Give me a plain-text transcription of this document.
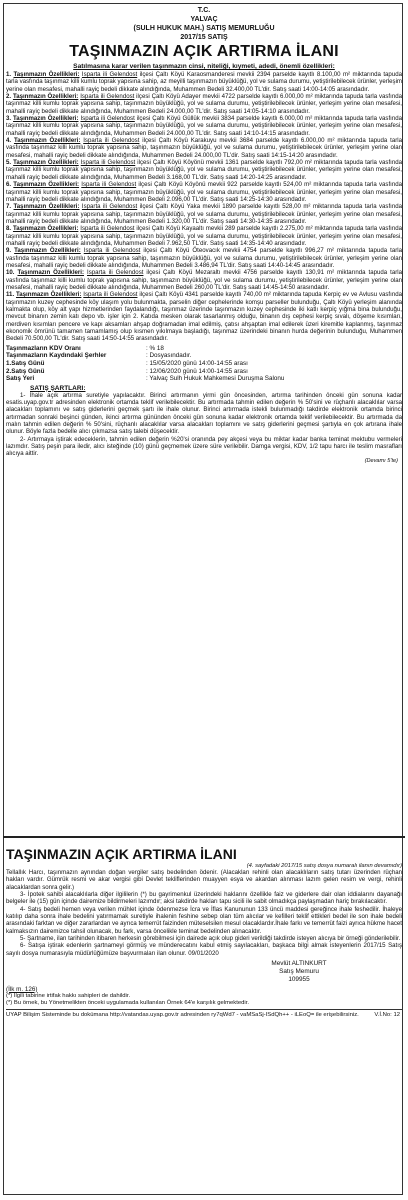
T.C.
YALVAÇ
(SULH HUKUK MAH.) SATIŞ MEMURLUĞU
2017/15 SATIŞ
TAŞINMAZIN AÇIK ARTIRMA İLANI
Satılmasına karar verilen taşınmazın cinsi, niteliği, kıymeti, adedi, önemli özellikleri:

1. Taşınmazın Özellikleri: Isparta ili Gelendost ilçesi Çaltı Köyü Karaosmanderesi mevkii 2394 parselde kayıtlı 8.100,00 m² miktarında tapuda tarla vasfında taşınmaz killi kumlu toprak yapısına sahip, az meyilli taşınmazın büyüklüğü, yol ve sulama durumu, yetiştirilebilecek ürünler, yerleşim yerine olan mesafesi, mahalli rayiç bedeli dikkate alındığında, Muhammen Bedeli 32.400,00 TL'dir. Satış saati 14:00-14:05 arasındadır.

2. Taşınmazın Özellikleri: Isparta ili Gelendost ilçesi Çaltı Köyü Adayer mevkii 4722 parselde kayıtlı 6.000,00 m² miktarında tapuda tarla vasfında taşınmaz killi kumlu toprak yapısına sahip, taşınmazın büyüklüğü, yol ve sulama durumu, yetiştirilebilecek ürünler, yerleşim yerine olan mesafesi, mahalli rayiç bedeli dikkate alındığında, Muhammen Bedeli 24.000,00 TL'dir. Satış saati 14:05-14:10 arasındadır.

3. Taşınmazın Özellikleri: Isparta ili Gelendost ilçesi Çaltı Köyü Güllük mevkii 3834 parselde kayıtlı 6.000,00 m² miktarında tapuda tarla vasfında taşınmaz killi kumlu toprak yapısına sahip, taşınmazın büyüklüğü, yol ve sulama durumu, yetiştirilebilecek ürünler, yerleşim yerine olan mesafesi, mahalli rayiç bedeli dikkate alındığında, Muhammen Bedeli 24.000,00 TL'dir. Satış saati 14:10-14:15 arasındadır.

4. Taşınmazın Özellikleri: Isparta ili Gelendost ilçesi Çaltı Köyü Karakuyu mevkii 3684 parselde kayıtlı 6.000,00 m² miktarında tapuda tarla vasfında taşınmaz killi kumlu toprak yapısına sahip, taşınmazın büyüklüğü, yol ve sulama durumu, yetiştirilebilecek ürünler, yerleşim yerine olan mesafesi, mahalli rayiç bedeli dikkate alındığında, Muhammen Bedeli 24.000,00 TL'dir. Satış saati 14:15-14:20 arasındadır.

5. Taşınmazın Özellikleri: Isparta ili Gelendost ilçesi Çaltı Köyü Köyönü mevkii 1361 parselde kayıtlı 792,00 m² miktarında tapuda tarla vasfında taşınmaz killi kumlu toprak yapısına sahip, taşınmazın büyüklüğü, yol ve sulama durumu, yetiştirilebilecek ürünler, yerleşim yerine olan mesafesi, mahalli rayiç bedeli dikkate alındığında, Muhammen Bedeli 3.168,00 TL'dir. Satış saati 14:20-14:25 arasındadır.

6. Taşınmazın Özellikleri: Isparta ili Gelendost ilçesi Çaltı Köyü Köyönü mevkii 922 parselde kayıtlı 524,00 m² miktarında tapuda tarla vasfında taşınmaz killi kumlu toprak yapısına sahip, taşınmazın büyüklüğü, yol ve sulama durumu, yetiştirilebilecek ürünler, yerleşim yerine olan mesafesi, mahalli rayiç bedeli dikkate alındığında, Muhammen Bedeli 2.096,00 TL'dir. Satış saati 14:25-14:30 arasındadır.

7. Taşınmazın Özellikleri: Isparta ili Gelendost ilçesi Çaltı Köyü Yaka mevkii 1890 parselde kayıtlı 528,00 m² miktarında tapuda tarla vasfında taşınmaz killi kumlu toprak yapısına sahip, taşınmazın büyüklüğü, yol ve sulama durumu, yetiştirilebilecek ürünler, yerleşim yerine olan mesafesi, mahalli rayiç bedeli dikkate alındığında, Muhammen Bedeli 1.320,00 TL'dir. Satış saati 14:30-14:35 arasındadır.

8. Taşınmazın Özellikleri: Isparta ili Gelendost ilçesi Çaltı Köyü Kayaaltı mevkii 289 parselde kayıtlı 2.275,00 m² miktarında tapuda tarla vasfında taşınmaz killi kumlu toprak yapısına sahip, taşınmazın büyüklüğü, yol ve sulama durumu, yetiştirilebilecek ürünler, yerleşim yerine olan mesafesi, mahalli rayiç bedeli dikkate alındığında, Muhammen Bedeli 7.962,50 TL'dir. Satış saati 14:35-14:40 arasındadır.

9. Taşınmazın Özellikleri: Isparta ili Gelendost ilçesi Çaltı Köyü Öteovacık mevkii 4754 parselde kayıtlı 996,27 m² miktarında tapuda tarla vasfında taşınmaz killi kumlu toprak yapısına sahip, taşınmazın büyüklüğü, yol ve sulama durumu, yetiştirilebilecek ürünler, yerleşim yerine olan mesafesi, mahalli rayiç bedeli dikkate alındığında, Muhammen Bedeli 3.486,94 TL'dir. Satış saati 14:40-14:45 arasındadır.

10. Taşınmazın Özellikleri: Isparta ili Gelendost ilçesi Çaltı Köyü Mezaraltı mevkii 4756 parselde kayıtlı 130,91 m² miktarında tapuda tarla vasfında taşınmaz killi kumlu toprak yapısına sahip, taşınmazın büyüklüğü, yol ve sulama durumu, yetiştirilebilecek ürünler, yerleşim yerine olan mesafesi, mahalli rayiç bedeli dikkate alındığında, Muhammen Bedeli 260,00 TL'dir. Satış saati 14:45-14:50 arasındadır.

11. Taşınmazın Özellikleri: Isparta ili Gelendost ilçesi Çaltı Köyü 4341 parselde kayıtlı 740,00 m² miktarında tapuda Kerpiç ev ve Avlusu vasfında taşınmazın kuzey cephesinde köy ulaşım yolu bulunmakta, parselin diğer cephelerinde komşu parseller bulunduğu, Çaltı Köyü yerleşim alanında kalmakta olup, köy alt yapı hizmetlerinden faydalandığı, taşınmaz üzerinde taşınmazın kuzey cephesinde iki katlı kerpiç yığma bina bulunduğu, mevcut binanın zemin katı depo vb. işler için 2. Katıda mesken olarak tasarlanmış olduğu, binanın dış cephesi kerpiç sıvalı, döşeme kısımları, merdiven kısımları pencere ve kapı aksamları ahşap doğramadan imal edilmiş, çatısı ahşaptan imal edilerek üzeri kiremitle kaplanmış, taşınmaz ekonomik ömrünü tamamen tamamlamış olup kısmen yıkılmaya başladığı, taşınmaz üzerindeki binanın hurda değerinin bulunduğu, Muhammen Bedeli 70.500,00 TL'dir. Satış saati 14:50-14:55 arasındadır.

Taşınmazların KDV Oranı	: % 18
Taşınmazların Kaydındaki Şerhler	: Dosyasındadır.
1.Satış Günü	: 15/05/2020 günü 14:00-14:55 arası
2.Satış Günü	: 12/06/2020 günü 14:00-14:55 arası
Satış Yeri	: Yalvaç Sulh Hukuk Mahkemesi Duruşma Salonu
SATIŞ ŞARTLARI:

1- İhale açık artırma suretiyle yapılacaktır. Birinci artırmanın yirmi gün öncesinden, artırma tarihinden önceki gün sonuna kadar esatis.uyap.gov.tr adresinden elektronik ortamda teklif verilebilecektir. Bu artırmada tahmin edilen değerin % 50'sini ve rüçhanlı alacaklılar varsa alacakları toplamını ve satış giderlerini geçmek şartı ile ihale olunur. Birinci artırmada istekli bulunmadığı takdirde elektronik ortamda birinci artırmadan sonraki beşinci günden, ikinci artırma gününden önceki gün sonuna kadar elektronik ortamda teklif verilebilecektir. Bu artırmada da malın tahmin edilen değerin % 50'sini, rüçhanlı alacaklılar varsa alacakları toplamını ve satış giderlerini geçmesi şartıyla en çok artırana ihale olunur. Böyle fazla bedelle alıcı çıkmazsa satış talebi düşecektir.

2- Artırmaya iştirak edeceklerin, tahmin edilen değerin %20'si oranında pey akçesi veya bu miktar kadar banka teminat mektubu vermeleri lazımdır. Satış peşin para iledir, alıcı isteğinde (10) günü geçmemek üzere süre verilebilir. Damga vergisi, KDV, 1/2 tapu harcı ile teslim masrafları alıcıya aittir.

(Devamı 5'te)
TAŞINMAZIN AÇIK ARTIRMA İLANI
(4. sayfadaki 2017/15 satış dosya numaralı ilanın devamıdır)

Tellallık Harcı, taşınmazın aynından doğan vergiler satış bedelinden ödenir. (Alacakları rehinli olan alacaklıların satış tutarı üzerinden rüçhan hakları vardır. Gümrük resmi ve akar vergisi gibi Devlet tekliflerinden muayyen esya ve akardan alınması lazım gelen resim ve vergi, rehinli alacaklardan sonra gelir.)

3- İpotek sahibi alacaklılarla diğer ilgililerin (*) bu gayrimenkul üzerindeki haklarını özellikle faiz ve giderlere dair olan iddialarını dayanağı belgeler ile (15) gün içinde dairemize bildirmeleri lazımdır; aksi takdirde hakları tapu sicili ile sabit olmadıkça paylaşmadan hariç bırakılacaktır.

4- Satış bedeli hemen veya verilen mühlet içinde ödenmezse İcra ve İflas Kanununun 133 üncü maddesi gereğince ihale feshedilir. İhaleye katılıp daha sonra ihale bedelini yatırmamak suretiyle ihalenin feshine sebep olan tüm alıcılar ve kefilleri teklif ettikleri bedel ile son ihale bedeli arasındaki farktan ve diğer zararlardan ve ayrıca temerrüt faizinden müteselsilen mesul olacaklardır.İhale farkı ve temerrüt faizi ayrıca hükme hacet kalmaksızın dairemizce tahsil olunacak, bu fark, varsa öncelikle teminat bedelinden alınacaktır.

5- Şartname, ilan tarihinden itibaren herkesin görebilmesi için dairede açık olup gideri verildiği takdirde isteyen alıcıya bir örneği gönderilebilir.

6- Satışa iştirak edenlerin şartnameyi görmüş ve münderecatını kabul etmiş sayılacakları, başkaca bilgi almak isteyenlerin 2017/15 Satış sayılı dosya numarasıyla müdürlüğümüze başvurmaları ilan olunur. 09/01/2020

Mevlüt ALTINKURT
Satış Memuru
109955
(İlk m. 126)
(*) İlgili tabirine irtifak hakkı sahipleri de dahildir.
(*) Bu örnek, bu Yönetmelikten önceki uygulamada kullanılan Örnek 64'e karşılık gelmektedir.
UYAP Bilişim Sisteminde bu dokümana http://vatandas.uyap.gov.tr adresinden ry7qWd7 - vaMSaSj-ISdQh++ - iLEoQ= ile erişebilirsiniz.	V.İ.No: 12
